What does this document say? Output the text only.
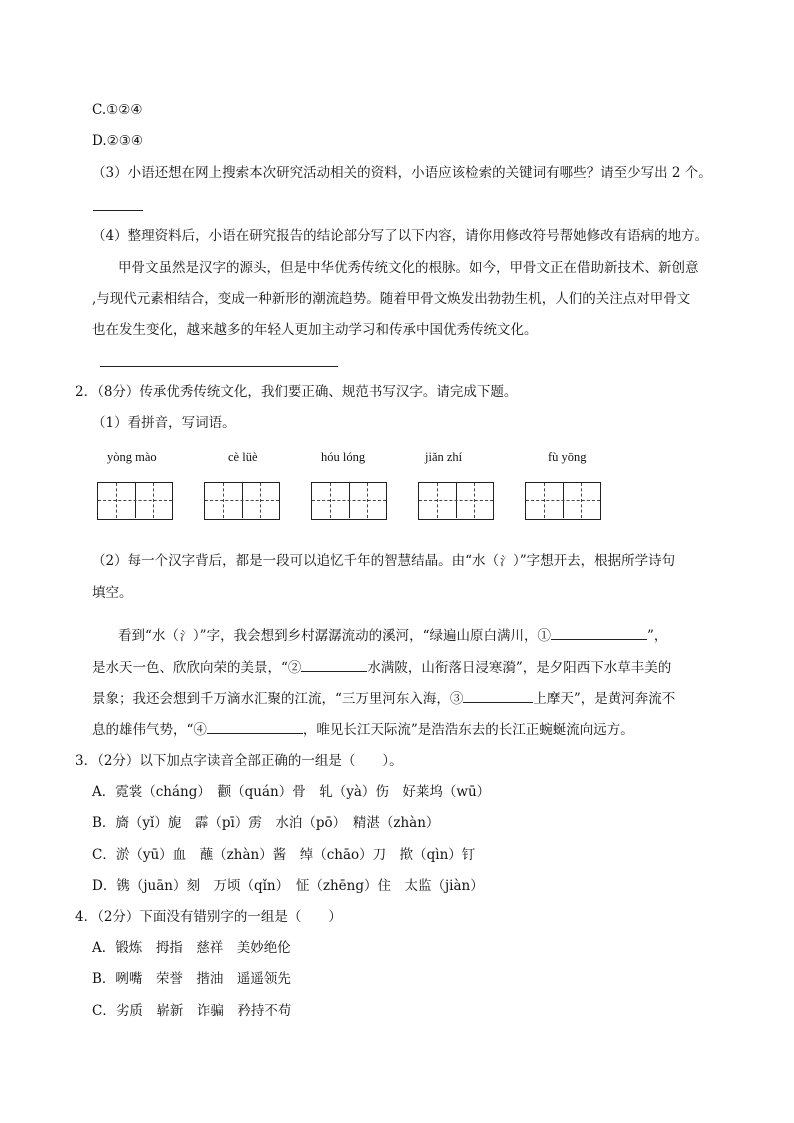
C.①②④
D.②③④
（3）小语还想在网上搜索本次研究活动相关的资料，小语应该检索的关键词有哪些？请至少写出 2 个。
（4）整理资料后，小语在研究报告的结论部分写了以下内容，请你用修改符号帮她修改有语病的地方。
甲骨文虽然是汉字的源头，但是中华优秀传统文化的根脉。如今，甲骨文正在借助新技术、新创意
,与现代元素相结合，变成一种新形的潮流趋势。随着甲骨文焕发出勃勃生机，人们的关注点对甲骨文
也在发生变化，越来越多的年轻人更加主动学习和传承中国优秀传统文化。
2．（8分）传承优秀传统文化，我们要正确、规范书写汉字。请完成下题。
（1）看拼音，写词语。
yòng mào	cè lüè	hóu lóng	jiǎn zhí	fù yōng
（2）每一个汉字背后，都是一段可以追忆千年的智慧结晶。由“水（氵）”字想开去，根据所学诗句
填空。
看到“水（氵）”字，我会想到乡村潺潺流动的溪河，“绿遍山原白满川，①	”，
是水天一色、欣欣向荣的美景，“②	水满陂，山衔落日浸寒漪”，是夕阳西下水草丰美的
景象；我还会想到千万滴水汇聚的江流，“三万里河东入海，③	上摩天”，是黄河奔流不
息的雄伟气势，“④	，唯见长江天际流”是浩浩东去的长江正蜿蜒流向远方。
3．（2分）以下加点字读音全部正确的一组是（　　）。
A．霓裳（cháng）　颧（quán）骨　轧（yà）伤　好莱坞（wū）
B．旖（yǐ）旎　霹（pī）雳　水泊（pō）　精湛（zhàn）
C．淤（yū）血　蘸（zhàn）酱　绰（chāo）刀　揿（qìn）钉
D．镌（juān）刻　万顷（qǐn）　怔（zhēng）住　太监（jiàn）
4．（2分）下面没有错别字的一组是（　　）
A．锻炼　拇指　慈祥　美妙绝伦
B．咧嘴　荣誉　揩油　遥遥领先
C．劣质　崭新　诈骗　矜持不苟
